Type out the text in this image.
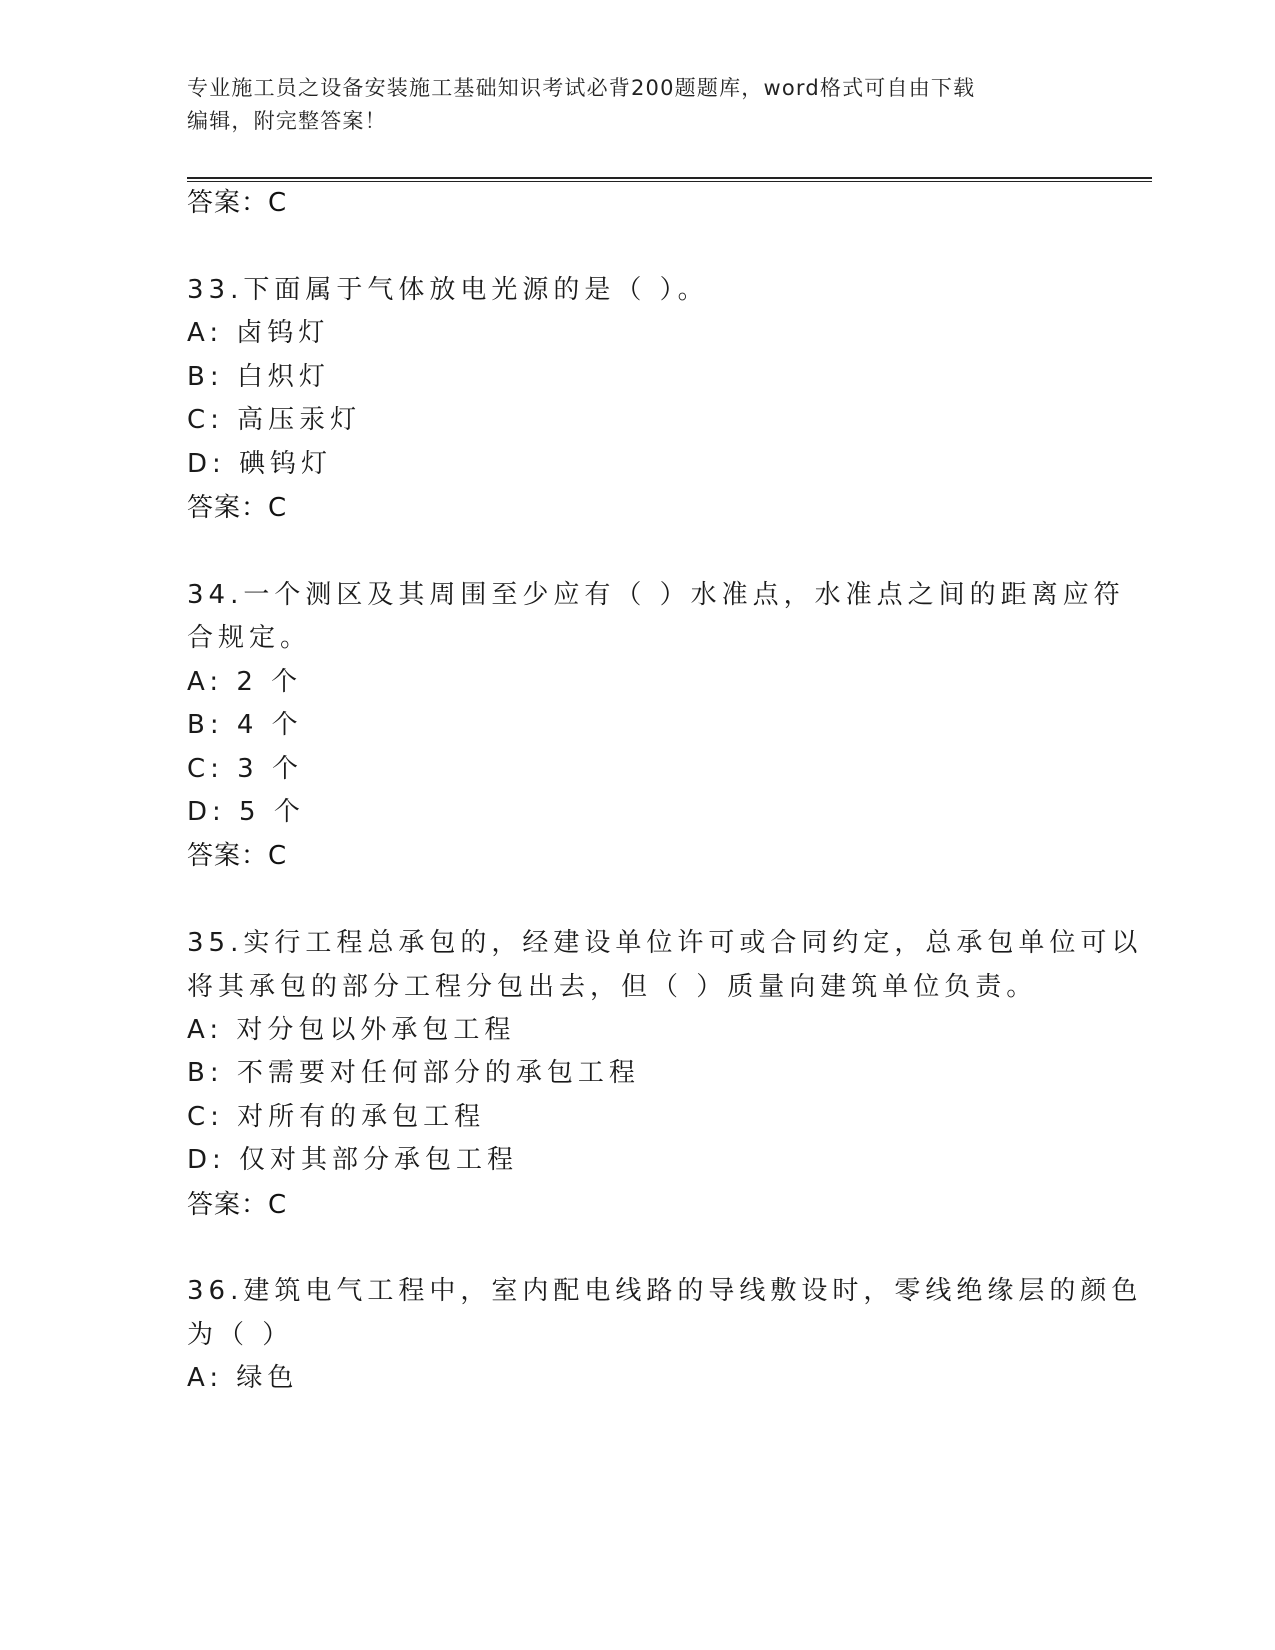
专业施工员之设备安装施工基础知识考试必背200题题库，word格式可自由下载
编辑，附完整答案！
答案：C
33.下面属于气体放电光源的是（ ）。
A: 卤钨灯
B: 白炽灯
C: 高压汞灯
D: 碘钨灯
答案：C
34.一个测区及其周围至少应有（ ）水准点，水准点之间的距离应符
合规定。
A: 2 个
B: 4 个
C: 3 个
D: 5 个
答案：C
35.实行工程总承包的，经建设单位许可或合同约定，总承包单位可以
将其承包的部分工程分包出去，但（ ）质量向建筑单位负责。
A: 对分包以外承包工程
B: 不需要对任何部分的承包工程
C: 对所有的承包工程
D: 仅对其部分承包工程
答案：C
36.建筑电气工程中，室内配电线路的导线敷设时，零线绝缘层的颜色
为（ ）
A: 绿色
